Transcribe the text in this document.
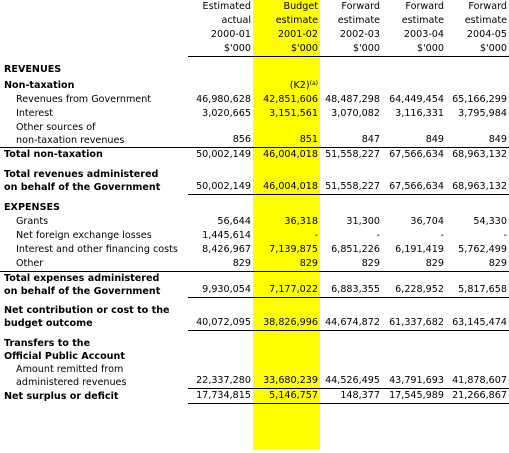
	Estimated	Budget	Forward	Forward	Forward
	actual	estimate	estimate	estimate	estimate
	2000-01	2001-02	2002-03	2003-04	2004-05
	$'000	$'000	$'000	$'000	$'000

REVENUES					
Non-taxation		$(K2)^{(a)}$			
Revenues from Government	46,980,628	42,851,606	48,487,298	64,449,454	65,166,299
Interest	3,020,665	3,151,561	3,070,082	3,116,331	3,795,984
Other sources of
non-taxation revenues	856	851	847	849	849
Total non-taxation	50,002,149	46,004,018	51,558,227	67,566,634	68,963,132

Total revenues administered
on behalf of the Government	50,002,149	46,004,018	51,558,227	67,566,634	68,963,132

EXPENSES					
Grants	56,644	36,318	31,300	36,704	54,330
Net foreign exchange losses	1,445,614	-	-	-	-
Interest and other financing costs	8,426,967	7,139,875	6,851,226	6,191,419	5,762,499
Other	829	829	829	829	829
Total expenses administered
on behalf of the Government	9,930,054	7,177,022	6,883,355	6,228,952	5,817,658

Net contribution or cost to the
budget outcome	40,072,095	38,826,996	44,674,872	61,337,682	63,145,474

Transfers to the
Official Public Account					
Amount remitted from
administered revenues	22,337,280	33,680,239	44,526,495	43,791,693	41,878,607
Net surplus or deficit	17,734,815	5,146,757	148,377	17,545,989	21,266,867
